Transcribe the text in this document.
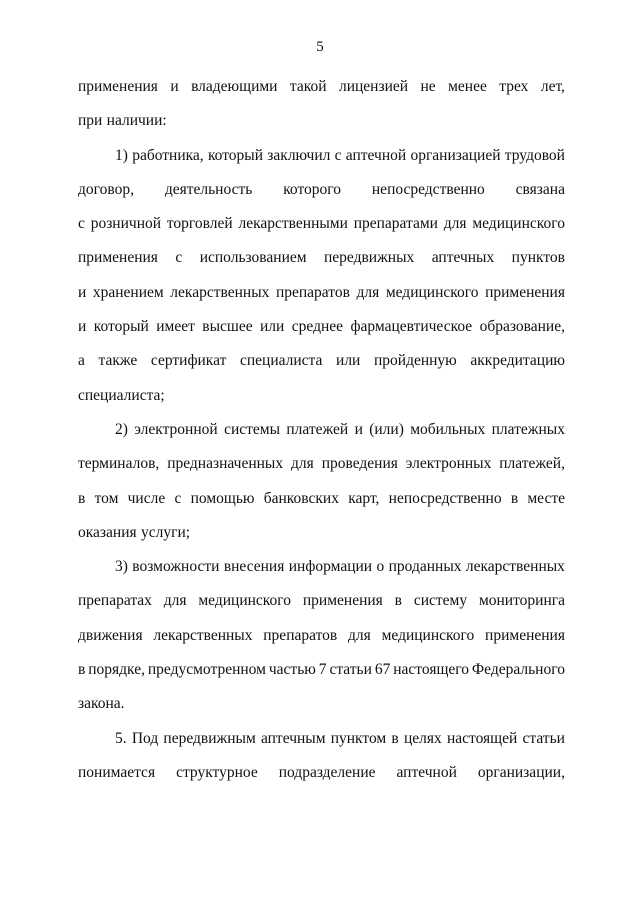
5
применения и владеющими такой лицензией не менее трех лет,
при наличии:
1) работника, который заключил с аптечной организацией трудовой
договор, деятельность которого непосредственно связана
с розничной торговлей лекарственными препаратами для медицинского
применения с использованием передвижных аптечных пунктов
и хранением лекарственных препаратов для медицинского применения
и который имеет высшее или среднее фармацевтическое образование,
а также сертификат специалиста или пройденную аккредитацию
специалиста;
2) электронной системы платежей и (или) мобильных платежных
терминалов, предназначенных для проведения электронных платежей,
в том числе с помощью банковских карт, непосредственно в месте
оказания услуги;
3) возможности внесения информации о проданных лекарственных
препаратах для медицинского применения в систему мониторинга
движения лекарственных препаратов для медицинского применения
в порядке, предусмотренном частью 7 статьи 67 настоящего Федерального
закона.
5. Под передвижным аптечным пунктом в целях настоящей статьи
понимается структурное подразделение аптечной организации,
